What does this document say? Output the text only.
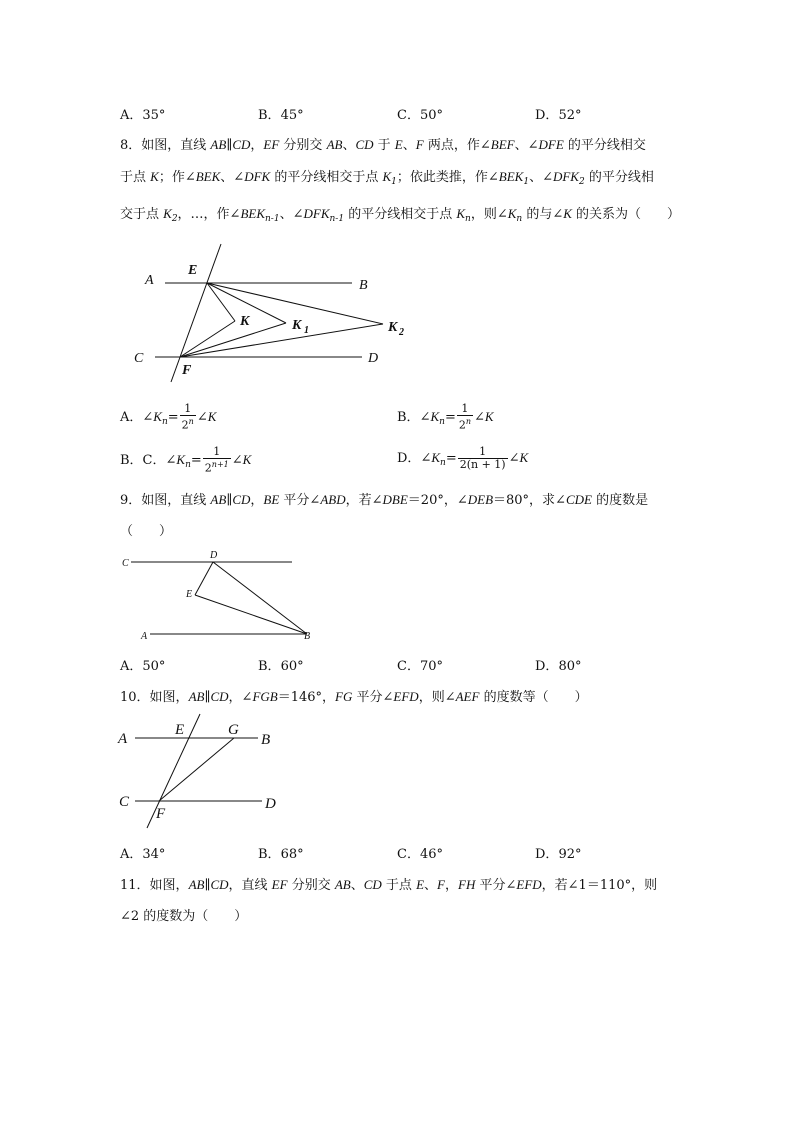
A．35°	B．45°	C．50°	D．52°
8．如图，直线 AB∥CD，EF 分别交 AB、CD 于 E、F 两点，作∠BEF、∠DFE 的平分线相交
于点 K；作∠BEK、∠DFK 的平分线相交于点 $K_1$；依此类推，作$\angle BEK_1$、$\angle DFK_2$ 的平分线相
交于点 $K_2$，…，作$\angle BEK_{n-1}$、$\angle DFK_{n-1}$ 的平分线相交于点 $K_n$，则$\angle K_n$ 的与∠K 的关系为（　　）
A
E
B
K	K 1	K 2
C
F
D
A．$\angle K_n= \frac{1}{2^n}$ ∠K	B．$\angle K_n= \frac{1}{2^n}$ ∠K
B．C．$\angle K_n= \frac{1}{2^{n+1}}$ ∠K	D．$\angle K_n= \frac{1}{2(n + 1)}$ ∠K
9．如图，直线 AB∥CD，BE 平分∠ABD，若∠DBE＝20°，∠DEB＝80°，求∠CDE 的度数是
（　　）
C
D
E
A	B
A．50°	B．60°	C．70°	D．80°
10．如图，AB∥CD，∠FGB＝146°，FG 平分∠EFD，则∠AEF 的度数等（　　）
A
E	G
B
C
F
D
A．34°	B．68°	C．46°	D．92°
11．如图，AB∥CD，直线 EF 分别交 AB、CD 于点 E、F，FH 平分∠EFD，若∠1＝110°，则
∠2 的度数为（　　）
